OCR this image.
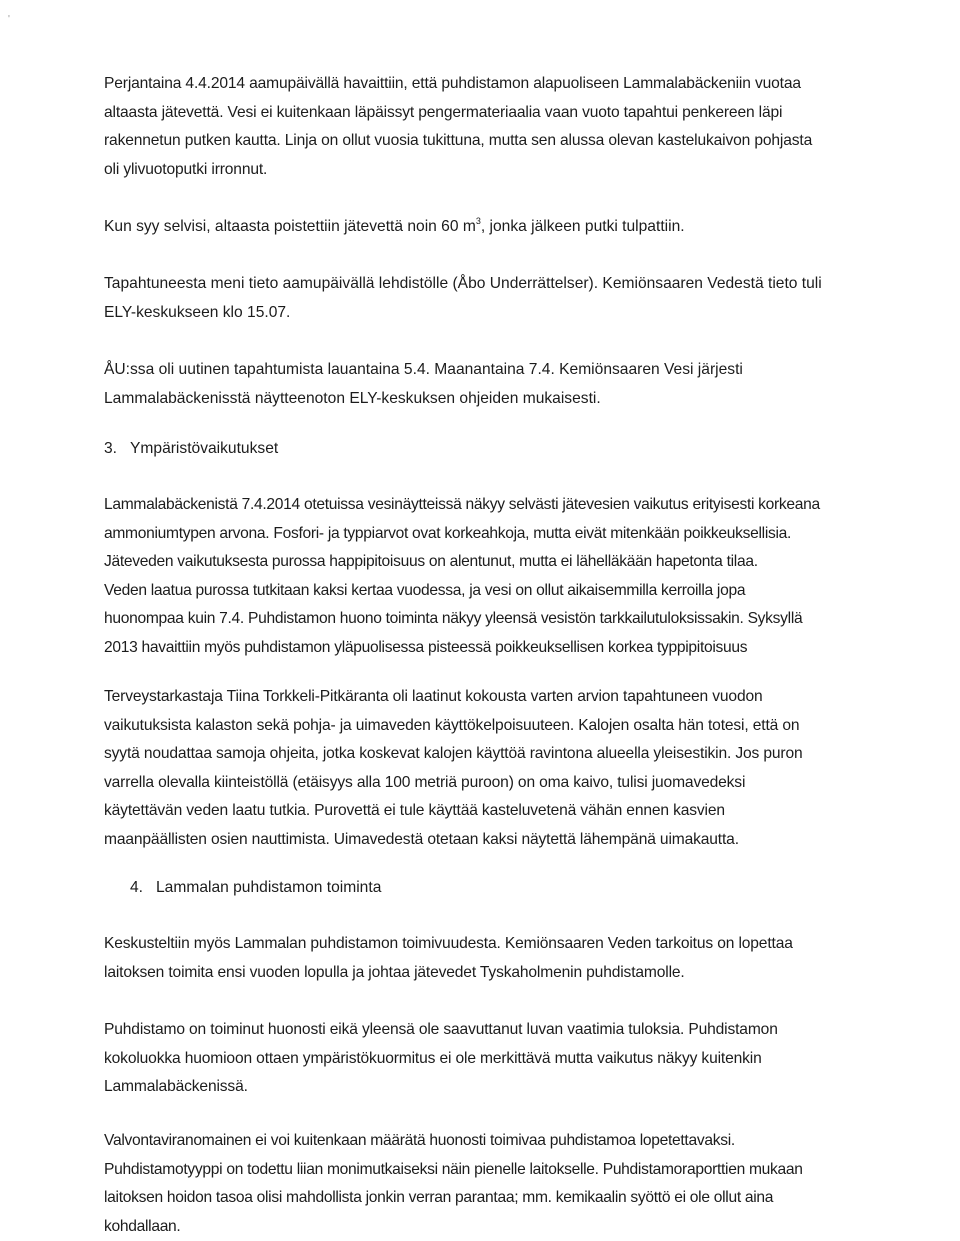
'

Perjantaina 4.4.2014 aamupäivällä havaittiin, että puhdistamon alapuoliseen Lammalabäckeniin vuotaa
altaasta jätevettä. Vesi ei kuitenkaan läpäissyt pengermateriaalia vaan vuoto tapahtui penkereen läpi
rakennetun putken kautta. Linja on ollut vuosia tukittuna, mutta sen alussa olevan kastelukaivon pohjasta
oli ylivuotoputki irronnut.

Kun syy selvisi, altaasta poistettiin jätevettä noin 60 $m^3$, jonka jälkeen putki tulpattiin.

Tapahtuneesta meni tieto aamupäivällä lehdistölle (Åbo Underrättelser). Kemiönsaaren Vedestä tieto tuli
ELY-keskukseen klo 15.07.

ÅU:ssa oli uutinen tapahtumista lauantaina 5.4. Maanantaina 7.4. Kemiönsaaren Vesi järjesti
Lammalabäckenisstä näytteenoton ELY-keskuksen ohjeiden mukaisesti.

3. Ympäristövaikutukset

Lammalabäckenistä 7.4.2014 otetuissa vesinäytteissä näkyy selvästi jätevesien vaikutus erityisesti korkeana
ammoniumtypen arvona. Fosfori- ja typpiarvot ovat korkeahkoja, mutta eivät mitenkään poikkeuksellisia.
Jäteveden vaikutuksesta purossa happipitoisuus on alentunut, mutta ei lähelläkään hapetonta tilaa.
Veden laatua purossa tutkitaan kaksi kertaa vuodessa, ja vesi on ollut aikaisemmilla kerroilla jopa
huonompaa kuin 7.4. Puhdistamon huono toiminta näkyy yleensä vesistön tarkkailutuloksissakin. Syksyllä
2013 havaittiin myös puhdistamon yläpuolisessa pisteessä poikkeuksellisen korkea typpipitoisuus

Terveystarkastaja Tiina Torkkeli-Pitkäranta oli laatinut kokousta varten arvion tapahtuneen vuodon
vaikutuksista kalaston sekä pohja- ja uimaveden käyttökelpoisuuteen. Kalojen osalta hän totesi, että on
syytä noudattaa samoja ohjeita, jotka koskevat kalojen käyttöä ravintona alueella yleisestikin. Jos puron
varrella olevalla kiinteistöllä (etäisyys alla 100 metriä puroon) on oma kaivo, tulisi juomavedeksi
käytettävän veden laatu tutkia. Purovettä ei tule käyttää kasteluvetenä vähän ennen kasvien
maanpäällisten osien nauttimista. Uimavedestä otetaan kaksi näytettä lähempänä uimakautta.

4. Lammalan puhdistamon toiminta

Keskusteltiin myös Lammalan puhdistamon toimivuudesta. Kemiönsaaren Veden tarkoitus on lopettaa
laitoksen toimita ensi vuoden lopulla ja johtaa jätevedet Tyskaholmenin puhdistamolle.

Puhdistamo on toiminut huonosti eikä yleensä ole saavuttanut luvan vaatimia tuloksia. Puhdistamon
kokoluokka huomioon ottaen ympäristökuormitus ei ole merkittävä mutta vaikutus näkyy kuitenkin
Lammalabäckenissä.

Valvontaviranomainen ei voi kuitenkaan määrätä huonosti toimivaa puhdistamoa lopetettavaksi.
Puhdistamotyyppi on todettu liian monimutkaiseksi näin pienelle laitokselle. Puhdistamoraporttien mukaan
laitoksen hoidon tasoa olisi mahdollista jonkin verran parantaa; mm. kemikaalin syöttö ei ole ollut aina
kohdallaan.
